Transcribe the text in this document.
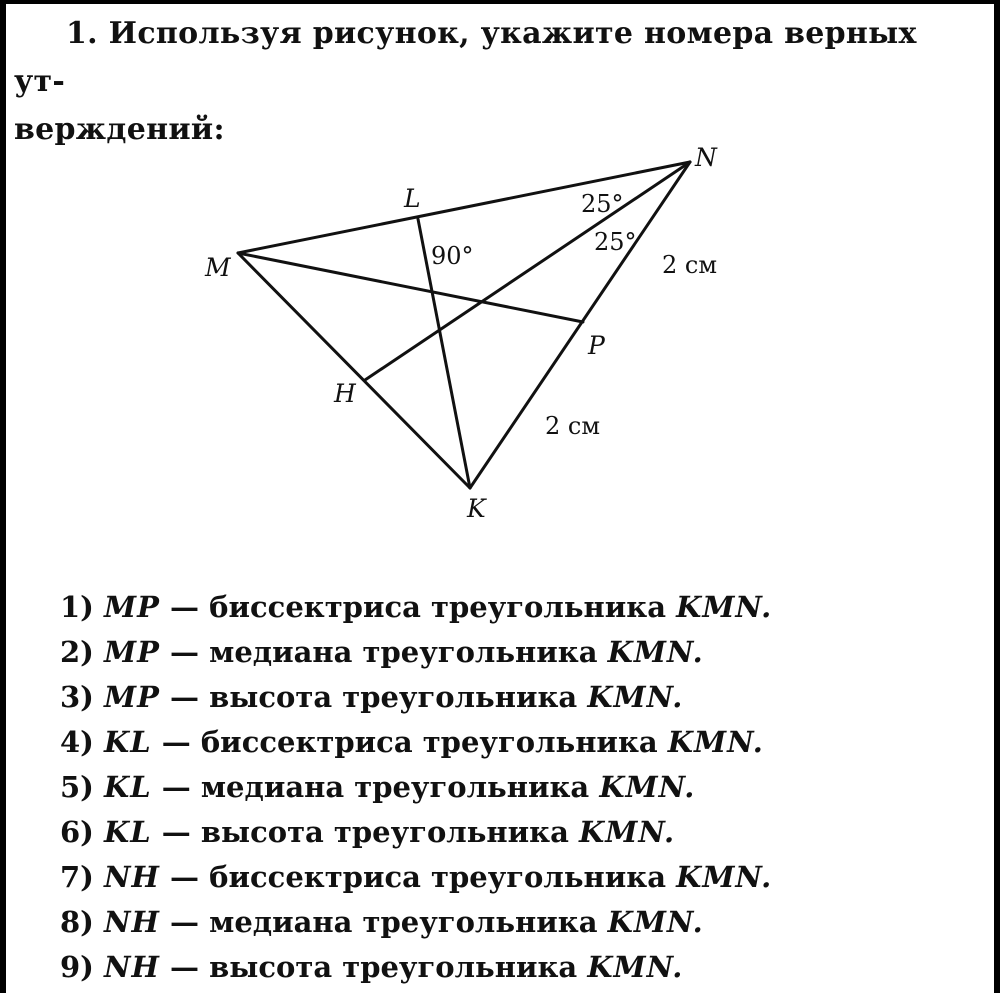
1. Используя рисунок, укажите номера верных ут-
верждений:
N
L
M
P
H
K
90°
25°
25°
2 см
2 см
1) MP — биссектриса треугольника KMN.
2) MP — медиана треугольника KMN.
3) MP — высота треугольника KMN.
4) KL — биссектриса треугольника KMN.
5) KL — медиана треугольника KMN.
6) KL — высота треугольника KMN.
7) NH — биссектриса треугольника KMN.
8) NH — медиана треугольника KMN.
9) NH — высота треугольника KMN.
